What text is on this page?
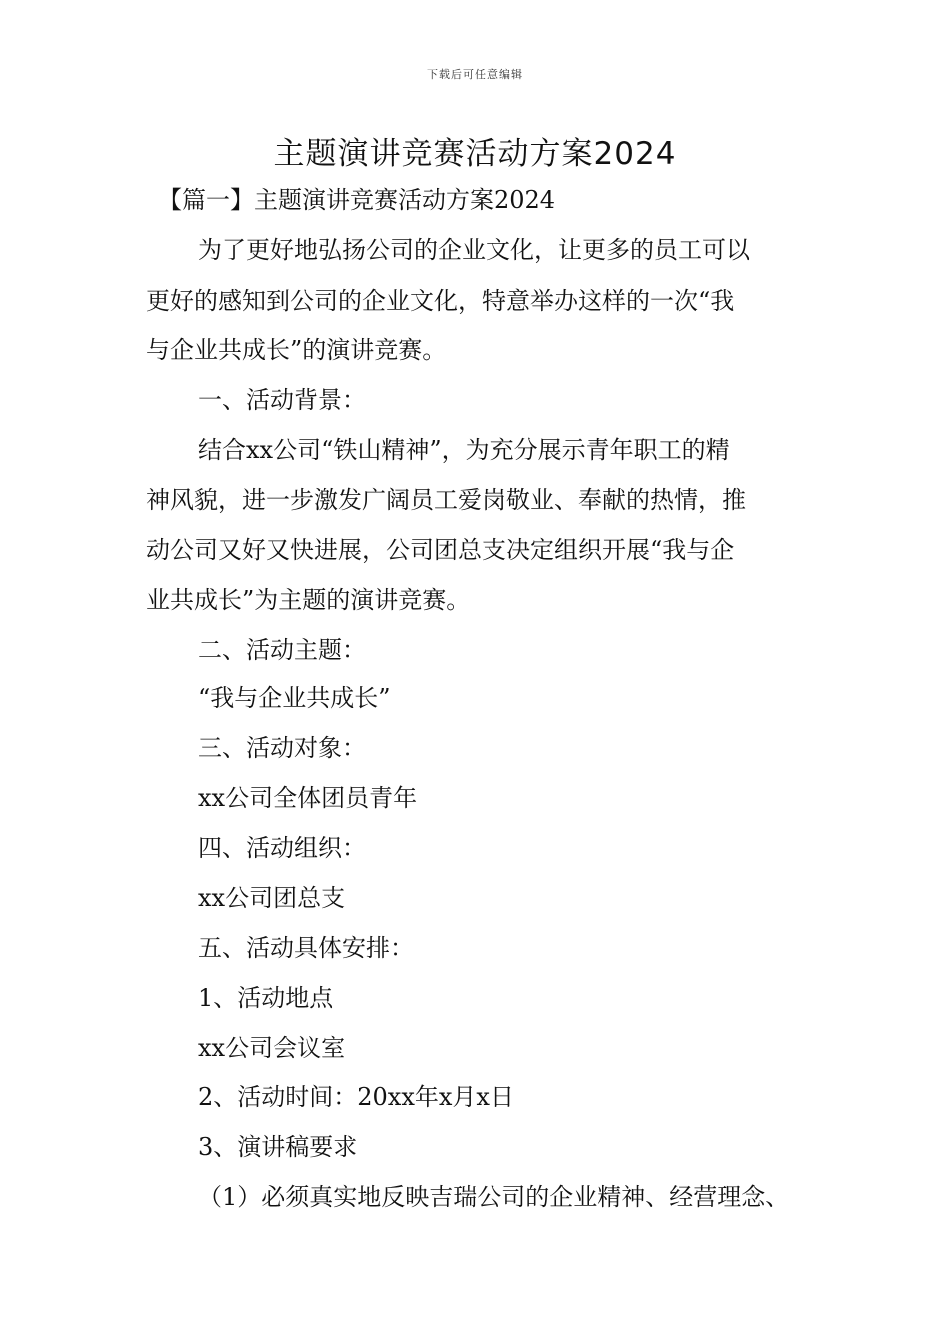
下载后可任意编辑
主题演讲竞赛活动方案2024
【篇一】主题演讲竞赛活动方案2024
为了更好地弘扬公司的企业文化，让更多的员工可以
更好的感知到公司的企业文化，特意举办这样的一次“我
与企业共成长”的演讲竞赛。
一、活动背景：
结合xx公司“铁山精神”，为充分展示青年职工的精
神风貌，进一步激发广阔员工爱岗敬业、奉献的热情，推
动公司又好又快进展，公司团总支决定组织开展“我与企
业共成长”为主题的演讲竞赛。
二、活动主题：
“我与企业共成长”
三、活动对象：
xx公司全体团员青年
四、活动组织：
xx公司团总支
五、活动具体安排：
1、活动地点
xx公司会议室
2、活动时间：20xx年x月x日
3、演讲稿要求
（1）必须真实地反映吉瑞公司的企业精神、经营理念、
